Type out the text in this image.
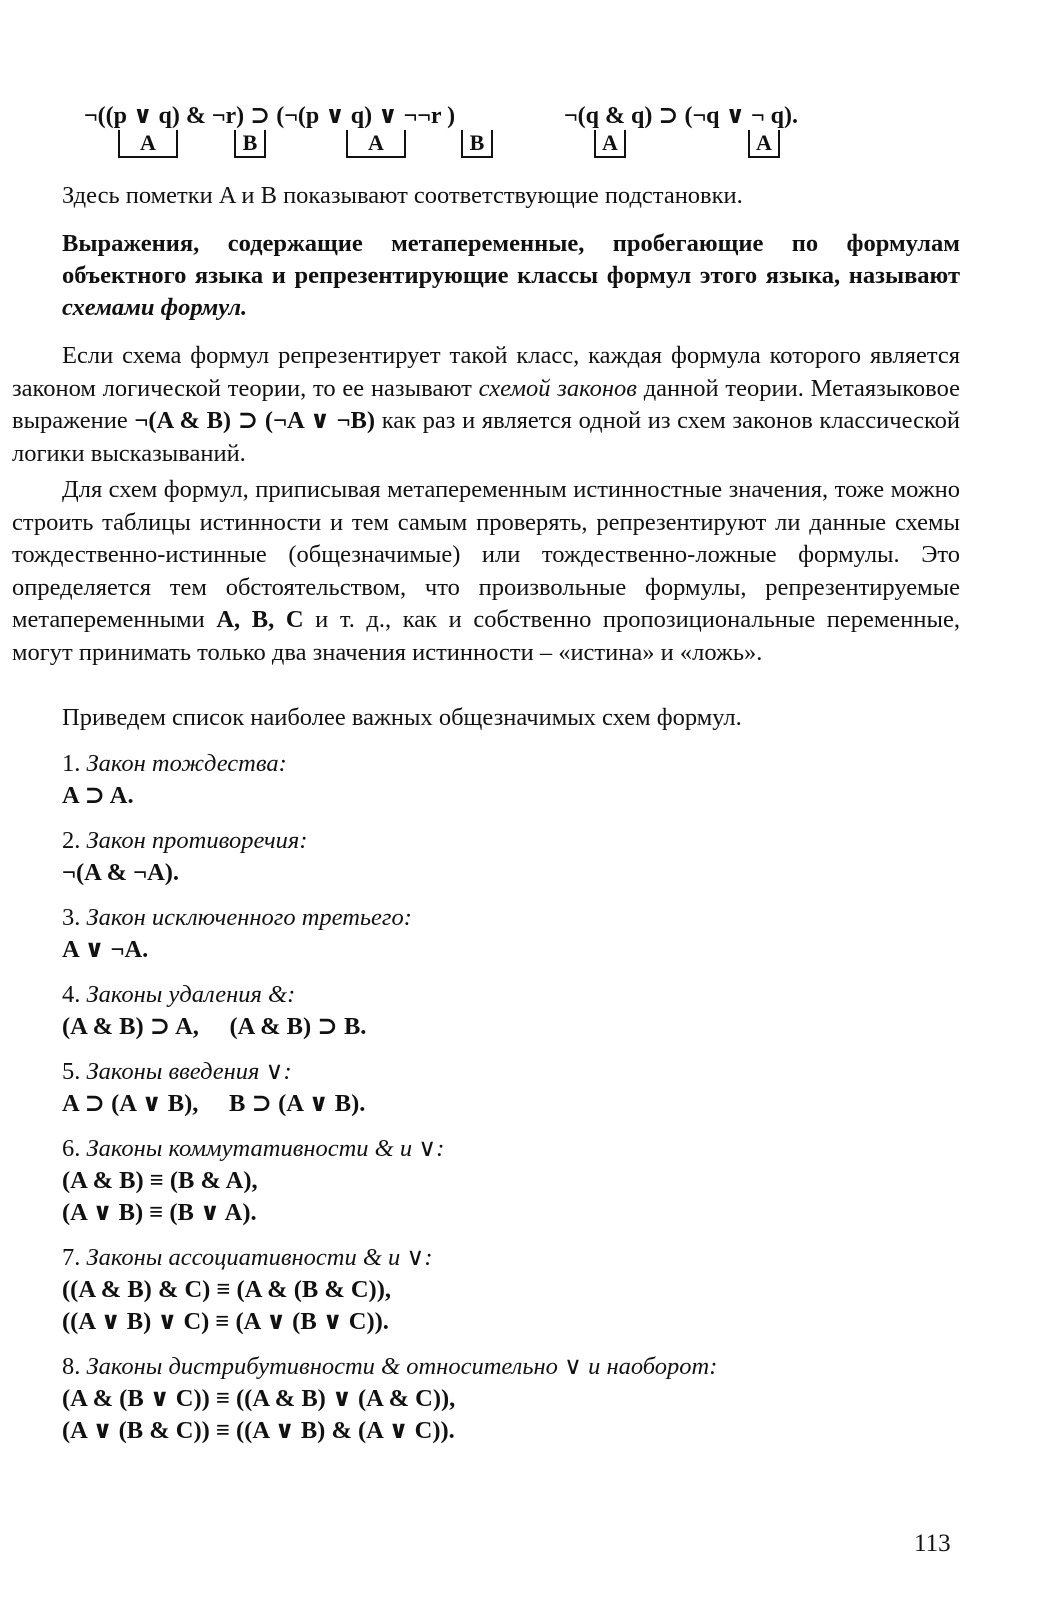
¬((p ∨ q) & ¬r) ⊃ (¬(p ∨ q) ∨ ¬¬r )	¬(q & q) ⊃ (¬q ∨ ¬ q).
A	B	A	B	A	A
Здесь пометки A и B показывают соответствующие подстановки.
Выражения, содержащие метапеременные, пробегающие по формулам объектного языка и репрезентирующие классы формул этого языка, называют схемами формул.
Если схема формул репрезентирует такой класс, каждая формула которого является законом логической теории, то ее называют схемой законов данной теории. Метаязыковое выражение ¬(A & B) ⊃ (¬A ∨ ¬B) как раз и является одной из схем законов классической логики высказываний.
Для схем формул, приписывая метапеременным истинностные значения, тоже можно строить таблицы истинности и тем самым проверять, репрезентируют ли данные схемы тождественно-истинные (общезначимые) или тождественно-ложные формулы. Это определяется тем обстоятельством, что произвольные формулы, репрезентируемые метапеременными A, B, C и т. д., как и собственно пропозициональные переменные, могут принимать только два значения истинности – «истина» и «ложь».
Приведем список наиболее важных общезначимых схем формул.
1. Закон тождества:
A ⊃ A.
2. Закон противоречия:
¬(A & ¬A).
3. Закон исключенного третьего:
A ∨ ¬A.
4. Законы удаления &:
(A & B) ⊃ A,     (A & B) ⊃ B.
5. Законы введения ∨:
A ⊃ (A ∨ B),     B ⊃ (A ∨ B).
6. Законы коммутативности & и ∨:
(A & B) ≡ (B & A),
(A ∨ B) ≡ (B ∨ A).
7. Законы ассоциативности & и ∨:
((A & B) & C) ≡ (A & (B & C)),
((A ∨ B) ∨ C) ≡ (A ∨ (B ∨ C)).
8. Законы дистрибутивности & относительно ∨ и наоборот:
(A & (B ∨ C)) ≡ ((A & B) ∨ (A & C)),
(A ∨ (B & C)) ≡ ((A ∨ B) & (A ∨ C)).
113
